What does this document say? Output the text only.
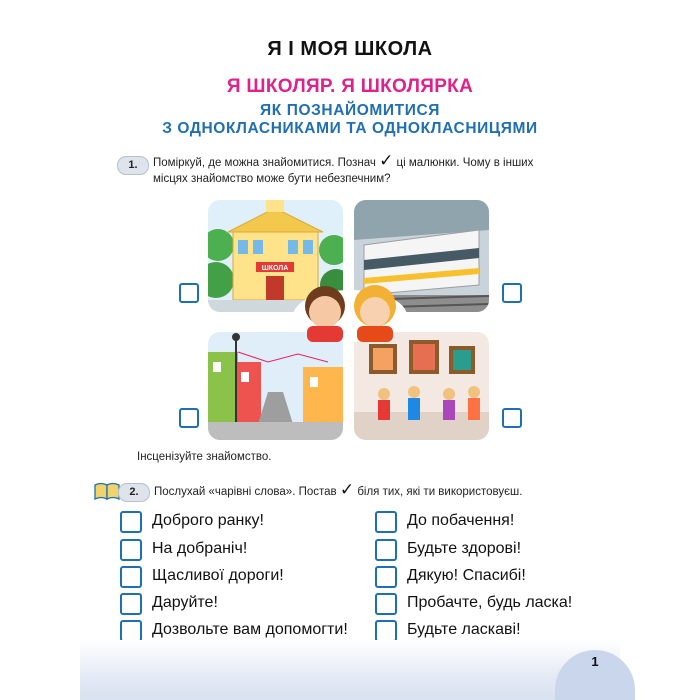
Я І МОЯ ШКОЛА
Я ШКОЛЯР. Я ШКОЛЯРКА
ЯК ПОЗНАЙОМИТИСЯ
З ОДНОКЛАСНИКАМИ ТА ОДНОКЛАСНИЦЯМИ
1.	Поміркуй, де можна знайомитися. Познач ✓ ці малюнки. Чому в інших
місцях знайомство може бути небезпечним?
ШКОЛА
Інсценізуйте знайомство.
2.	Послухай «чарівні слова». Постав ✓ біля тих, які ти використовуєш.
Доброго ранку!
На добраніч!
Щасливої дороги!
Даруйте!
Дозвольте вам допомогти!
До побачення!
Будьте здорові!
Дякую! Спасибі!
Пробачте, будь ласка!
Будьте ласкаві!
1
